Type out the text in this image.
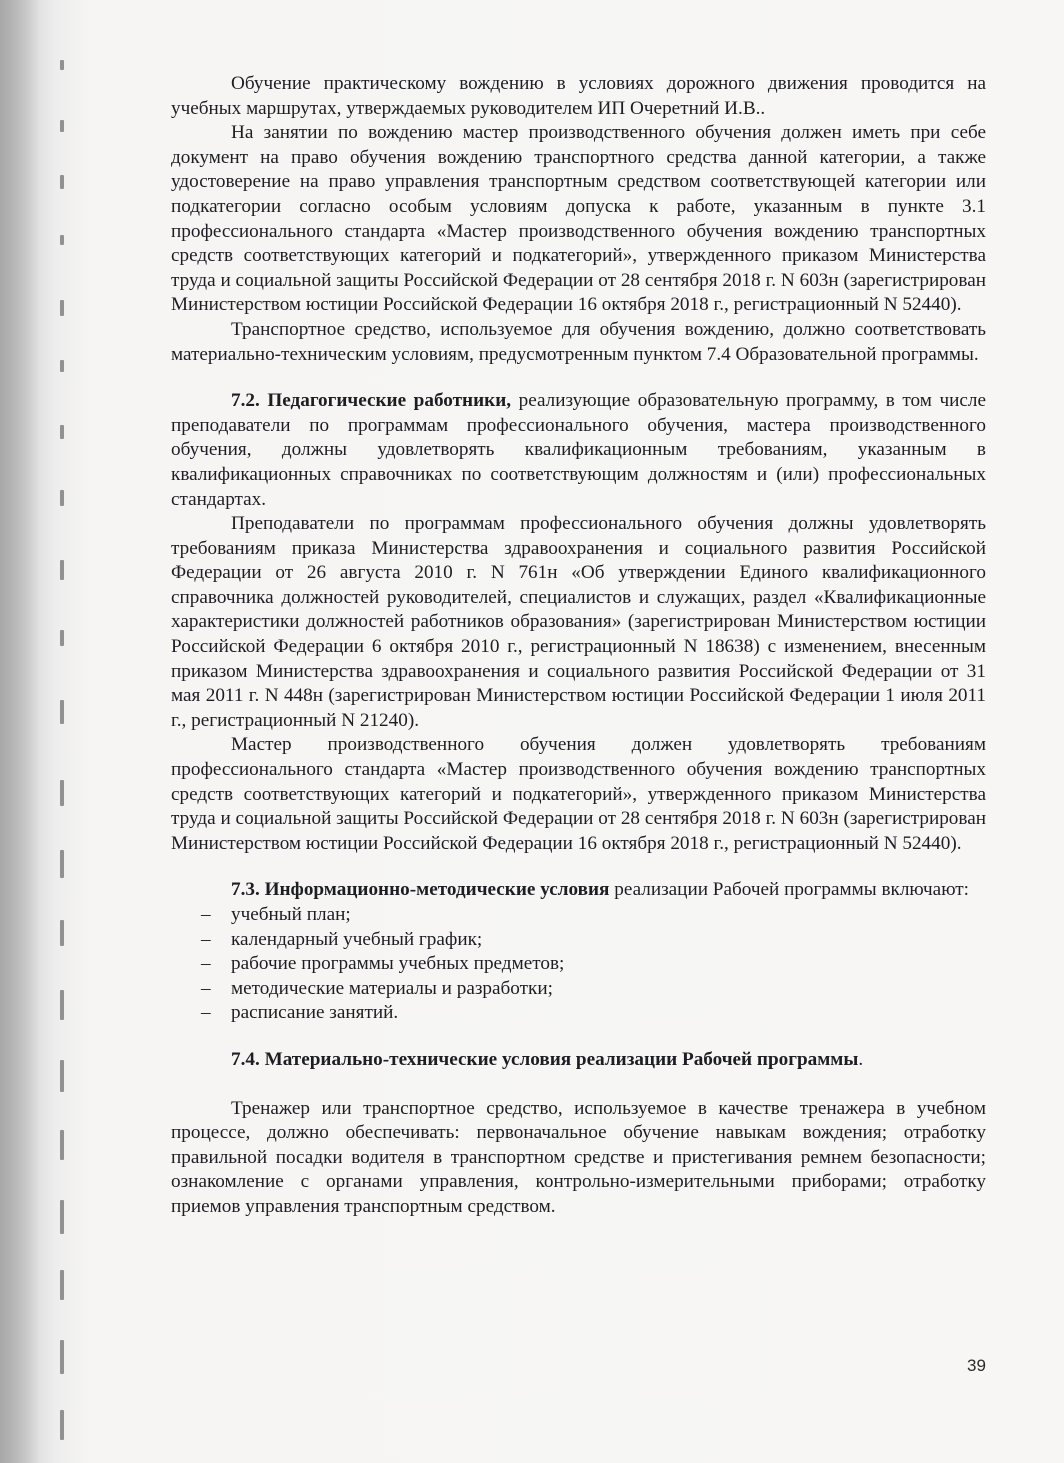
Обучение практическому вождению в условиях дорожного движения проводится на учебных маршрутах, утверждаемых руководителем ИП Очеретний И.В..

На занятии по вождению мастер производственного обучения должен иметь при себе документ на право обучения вождению транспортного средства данной категории, а также удостоверение на право управления транспортным средством соответствующей категории или подкатегории согласно особым условиям допуска к работе, указанным в пункте 3.1 профессионального стандарта «Мастер производственного обучения вождению транспортных средств соответствующих категорий и подкатегорий», утвержденного приказом Министерства труда и социальной защиты Российской Федерации от 28 сентября 2018 г. N 603н (зарегистрирован Министерством юстиции Российской Федерации 16 октября 2018 г., регистрационный N 52440).

Транспортное средство, используемое для обучения вождению, должно соответствовать материально-техническим условиям, предусмотренным пунктом 7.4 Образовательной программы.

7.2. Педагогические работники, реализующие образовательную программу, в том числе преподаватели по программам профессионального обучения, мастера производственного обучения, должны удовлетворять квалификационным требованиям, указанным в квалификационных справочниках по соответствующим должностям и (или) профессиональных стандартах.

Преподаватели по программам профессионального обучения должны удовлетворять требованиям приказа Министерства здравоохранения и социального развития Российской Федерации от 26 августа 2010 г. N 761н «Об утверждении Единого квалификационного справочника должностей руководителей, специалистов и служащих, раздел «Квалификационные характеристики должностей работников образования» (зарегистрирован Министерством юстиции Российской Федерации 6 октября 2010 г., регистрационный N 18638) с изменением, внесенным приказом Министерства здравоохранения и социального развития Российской Федерации от 31 мая 2011 г. N 448н (зарегистрирован Министерством юстиции Российской Федерации 1 июля 2011 г., регистрационный N 21240).

Мастер производственного обучения должен удовлетворять требованиям профессионального стандарта «Мастер производственного обучения вождению транспортных средств соответствующих категорий и подкатегорий», утвержденного приказом Министерства труда и социальной защиты Российской Федерации от 28 сентября 2018 г. N 603н (зарегистрирован Министерством юстиции Российской Федерации 16 октября 2018 г., регистрационный N 52440).

7.3. Информационно-методические условия реализации Рабочей программы включают:

– учебный план;
– календарный учебный график;
– рабочие программы учебных предметов;
– методические материалы и разработки;
– расписание занятий.

7.4. Материально-технические условия реализации Рабочей программы.

Тренажер или транспортное средство, используемое в качестве тренажера в учебном процессе, должно обеспечивать: первоначальное обучение навыкам вождения; отработку правильной посадки водителя в транспортном средстве и пристегивания ремнем безопасности; ознакомление с органами управления, контрольно-измерительными приборами; отработку приемов управления транспортным средством.

39
